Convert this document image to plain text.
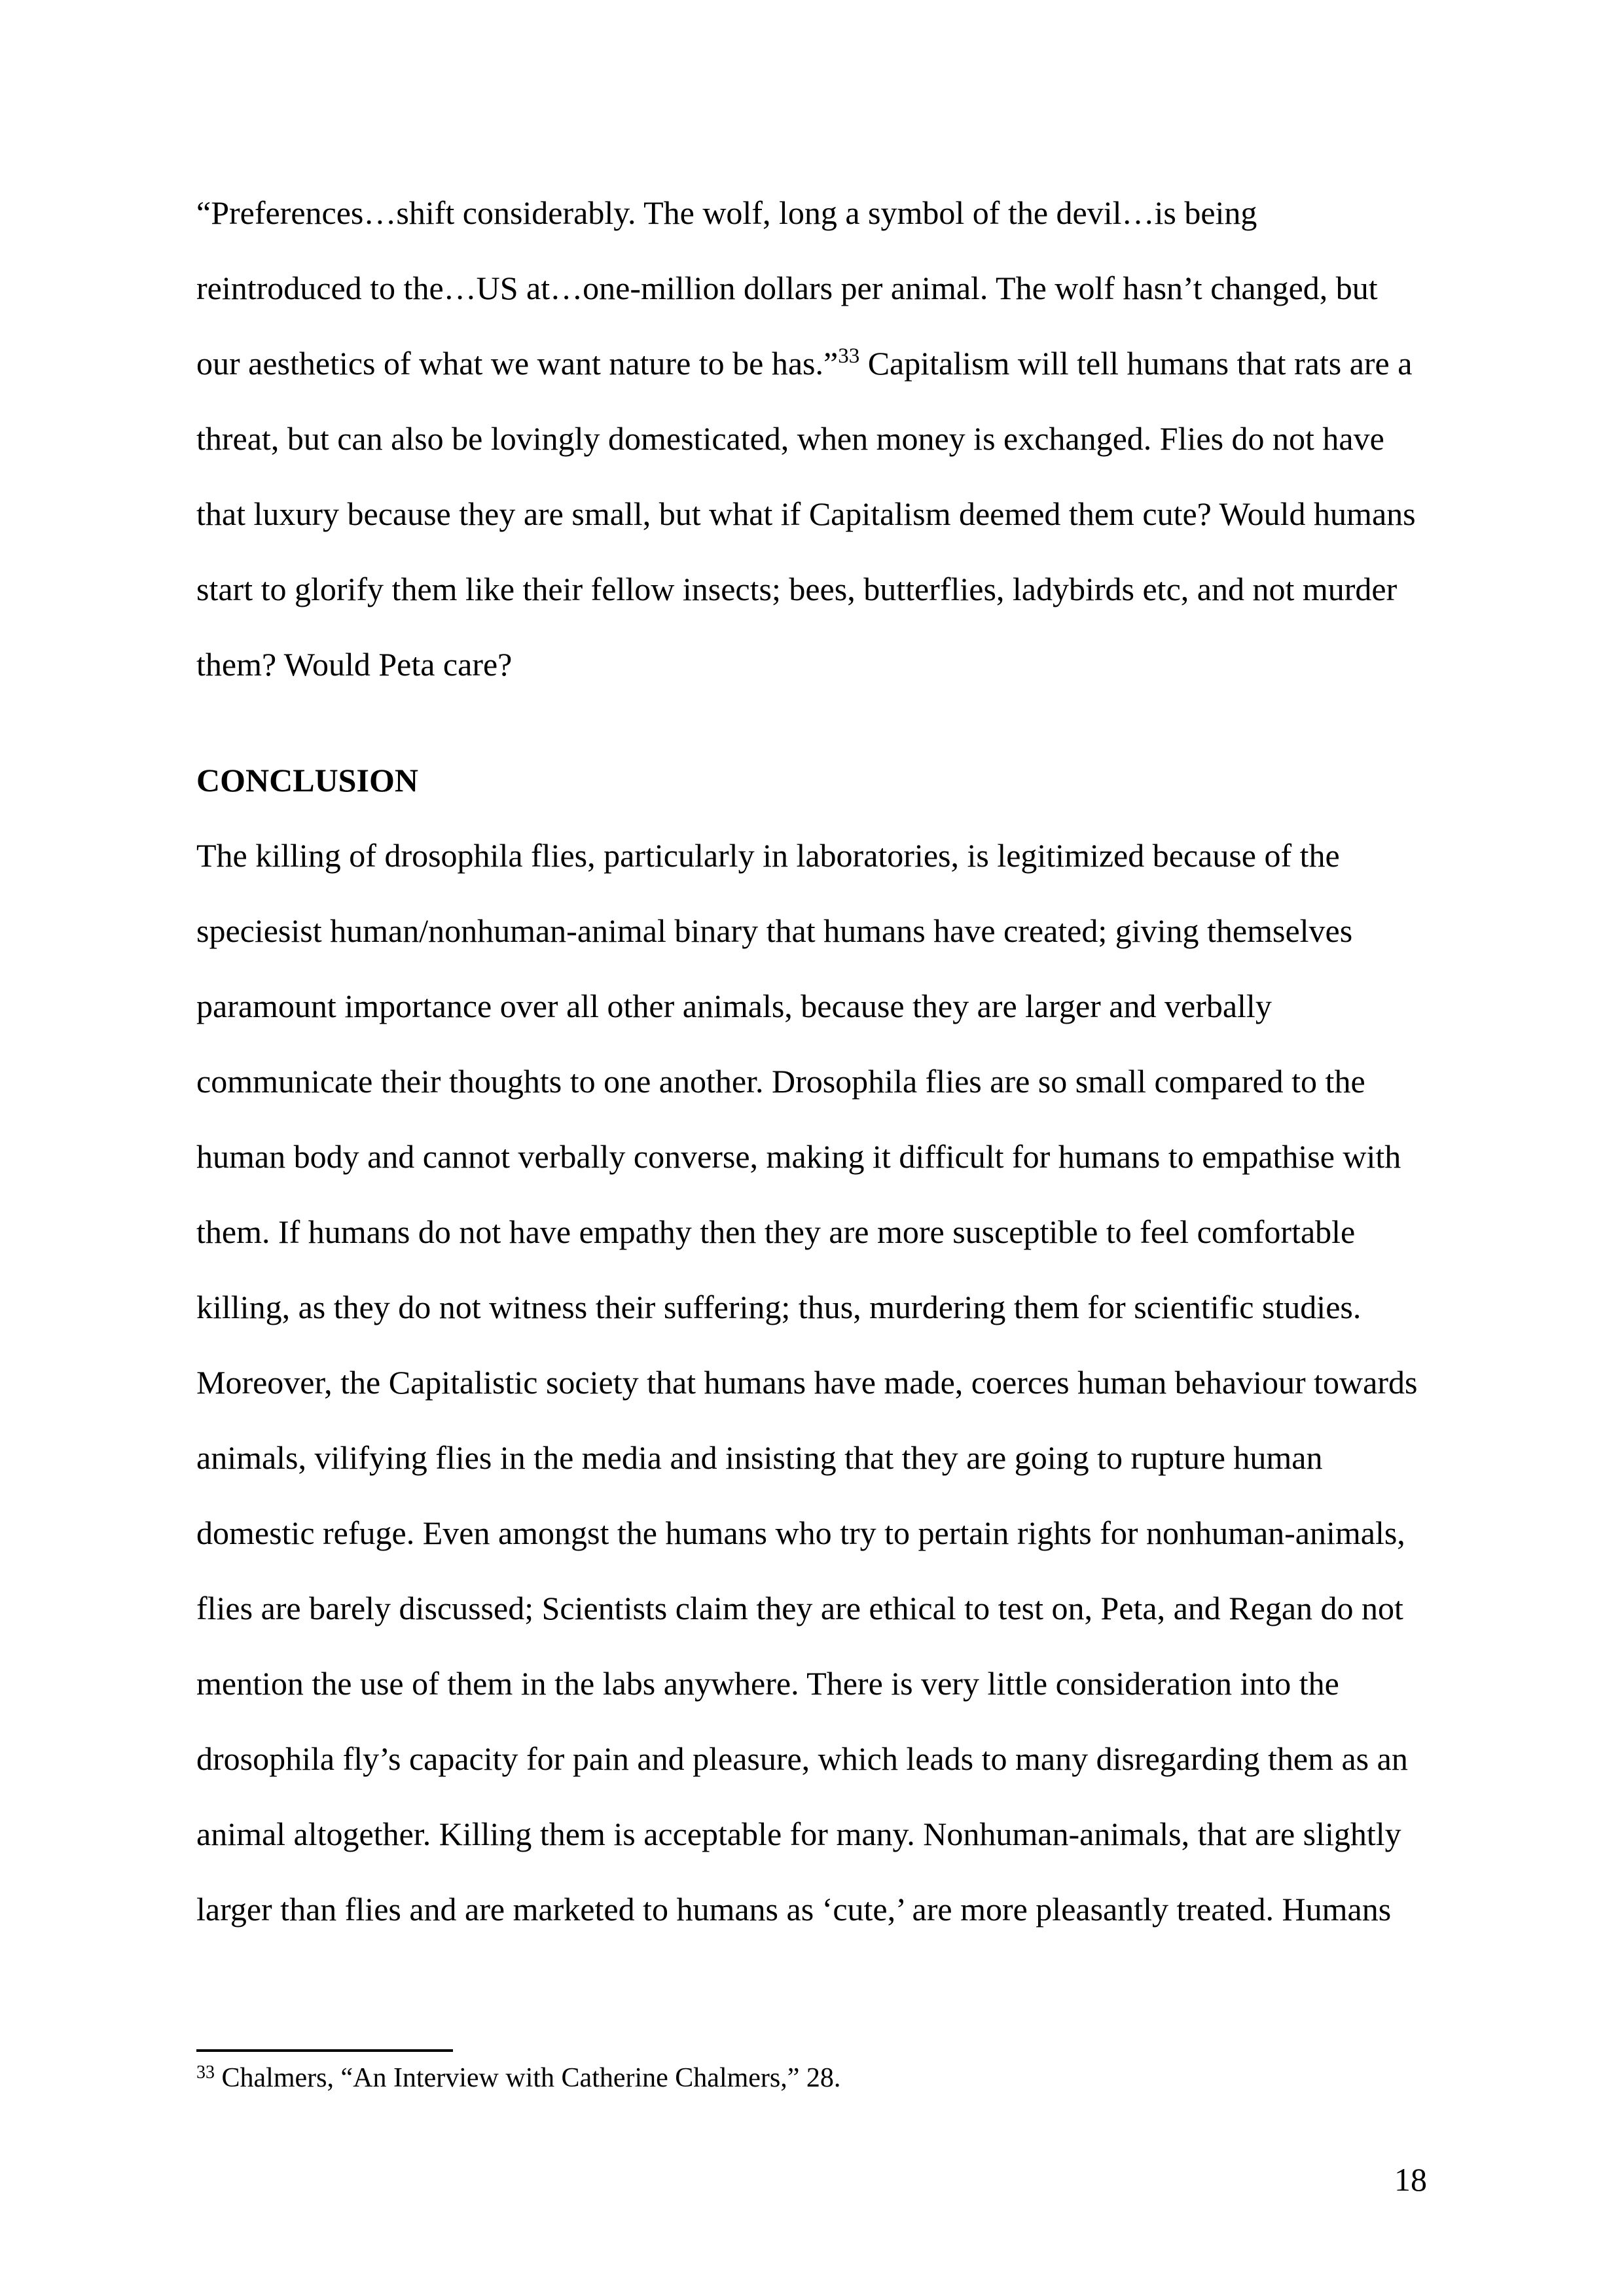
“Preferences…shift considerably. The wolf, long a symbol of the devil…is being
reintroduced to the…US at…one-million dollars per animal. The wolf hasn’t changed, but
our aesthetics of what we want nature to be has.”$^{33}$ Capitalism will tell humans that rats are a
threat, but can also be lovingly domesticated, when money is exchanged. Flies do not have
that luxury because they are small, but what if Capitalism deemed them cute? Would humans
start to glorify them like their fellow insects; bees, butterflies, ladybirds etc, and not murder
them? Would Peta care?
CONCLUSION
The killing of drosophila flies, particularly in laboratories, is legitimized because of the
speciesist human/nonhuman-animal binary that humans have created; giving themselves
paramount importance over all other animals, because they are larger and verbally
communicate their thoughts to one another. Drosophila flies are so small compared to the
human body and cannot verbally converse, making it difficult for humans to empathise with
them. If humans do not have empathy then they are more susceptible to feel comfortable
killing, as they do not witness their suffering; thus, murdering them for scientific studies.
Moreover, the Capitalistic society that humans have made, coerces human behaviour towards
animals, vilifying flies in the media and insisting that they are going to rupture human
domestic refuge. Even amongst the humans who try to pertain rights for nonhuman-animals,
flies are barely discussed; Scientists claim they are ethical to test on, Peta, and Regan do not
mention the use of them in the labs anywhere. There is very little consideration into the
drosophila fly’s capacity for pain and pleasure, which leads to many disregarding them as an
animal altogether. Killing them is acceptable for many. Nonhuman-animals, that are slightly
larger than flies and are marketed to humans as ‘cute,’ are more pleasantly treated. Humans
$^{33}$ Chalmers, “An Interview with Catherine Chalmers,” 28.
18
